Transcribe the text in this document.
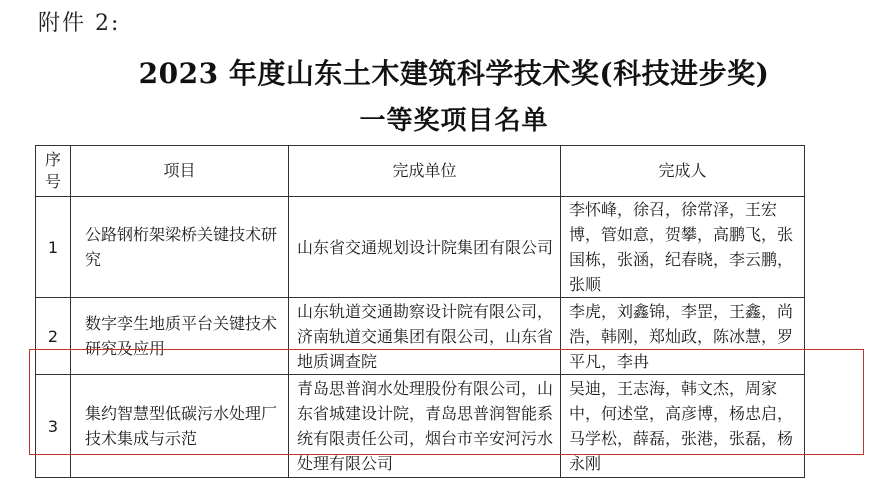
附件 2:
2023 年度山东土木建筑科学技术奖(科技进步奖)
一等奖项目名单
序号	项目	完成单位	完成人
1	公路钢桁架梁桥关键技术研究	山东省交通规划设计院集团有限公司	李怀峰，徐召，徐常泽，王宏博，管如意，贺攀，高鹏飞，张国栋，张涵，纪春晓，李云鹏，张顺

2	数字孪生地质平台关键技术研究及应用	山东轨道交通勘察设计院有限公司，济南轨道交通集团有限公司，山东省地质调查院	李虎，刘鑫锦，李罡，王鑫，尚浩，韩刚，郑灿政，陈冰慧，罗平凡，李冉

3	集约智慧型低碳污水处理厂技术集成与示范	青岛思普润水处理股份有限公司，山东省城建设计院，青岛思普润智能系统有限责任公司，烟台市辛安河污水处理有限公司	吴迪，王志海，韩文杰，周家中，何述堂，高彦博，杨忠启，马学松，薛磊，张港，张磊，杨永刚
